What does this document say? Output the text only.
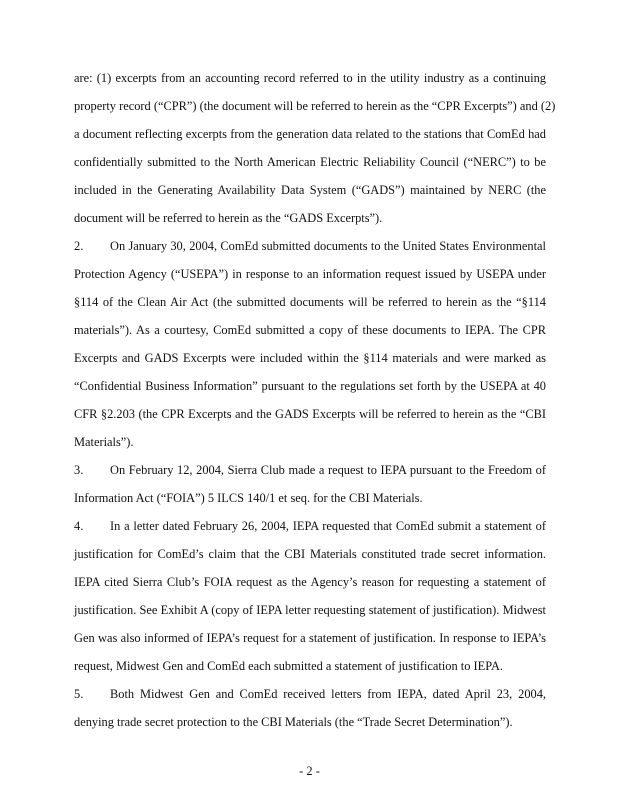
are: (1) excerpts from an accounting record referred to in the utility industry as a continuing
property record (“CPR”) (the document will be referred to herein as the “CPR Excerpts”) and (2)
a document reflecting excerpts from the generation data related to the stations that ComEd had
confidentially submitted to the North American Electric Reliability Council (“NERC”) to be
included in the Generating Availability Data System (“GADS”) maintained by NERC (the
document will be referred to herein as the “GADS Excerpts”).
2.	On January 30, 2004, ComEd submitted documents to the United States Environmental
Protection Agency (“USEPA”) in response to an information request issued by USEPA under
§114 of the Clean Air Act (the submitted documents will be referred to herein as the “§114
materials”). As a courtesy, ComEd submitted a copy of these documents to IEPA. The CPR
Excerpts and GADS Excerpts were included within the §114 materials and were marked as
“Confidential Business Information” pursuant to the regulations set forth by the USEPA at 40
CFR §2.203 (the CPR Excerpts and the GADS Excerpts will be referred to herein as the “CBI
Materials”).
3.	On February 12, 2004, Sierra Club made a request to IEPA pursuant to the Freedom of
Information Act (“FOIA”) 5 ILCS 140/1 et seq. for the CBI Materials.
4.	In a letter dated February 26, 2004, IEPA requested that ComEd submit a statement of
justification for ComEd’s claim that the CBI Materials constituted trade secret information.
IEPA cited Sierra Club’s FOIA request as the Agency’s reason for requesting a statement of
justification. See Exhibit A (copy of IEPA letter requesting statement of justification). Midwest
Gen was also informed of IEPA’s request for a statement of justification. In response to IEPA’s
request, Midwest Gen and ComEd each submitted a statement of justification to IEPA.
5.	Both Midwest Gen and ComEd received letters from IEPA, dated April 23, 2004,
denying trade secret protection to the CBI Materials (the “Trade Secret Determination”).
- 2 -
